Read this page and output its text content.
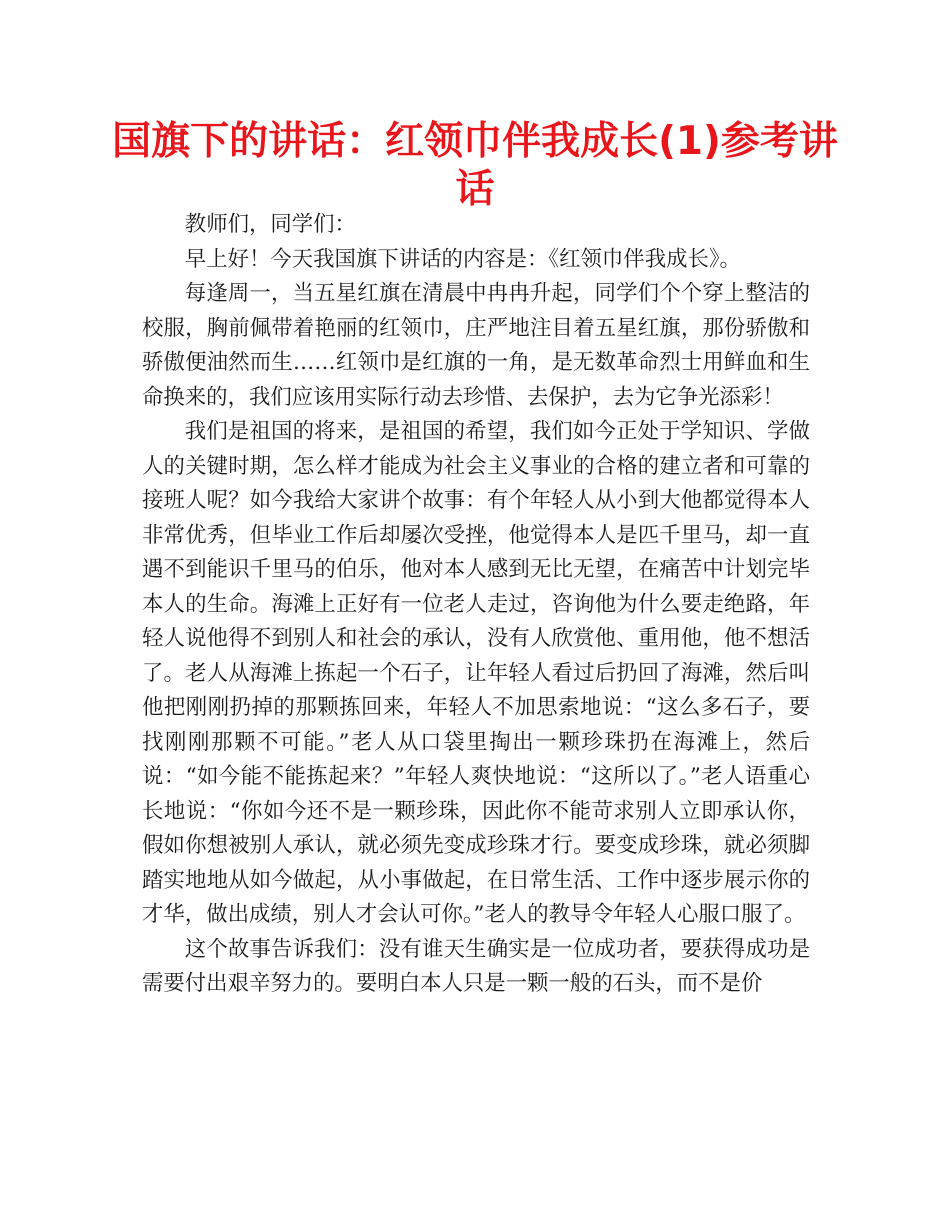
国旗下的讲话：红领巾伴我成长(1)参考讲话

教师们，同学们：

早上好！今天我国旗下讲话的内容是：《红领巾伴我成长》。

每逢周一，当五星红旗在清晨中冉冉升起，同学们个个穿上整洁的校服，胸前佩带着艳丽的红领巾，庄严地注目着五星红旗，那份骄傲和骄傲便油然而生……红领巾是红旗的一角，是无数革命烈士用鲜血和生命换来的，我们应该用实际行动去珍惜、去保护，去为它争光添彩！

我们是祖国的将来，是祖国的希望，我们如今正处于学知识、学做人的关键时期，怎么样才能成为社会主义事业的合格的建立者和可靠的接班人呢？如今我给大家讲个故事：有个年轻人从小到大他都觉得本人非常优秀，但毕业工作后却屡次受挫，他觉得本人是匹千里马，却一直遇不到能识千里马的伯乐，他对本人感到无比无望，在痛苦中计划完毕本人的生命。海滩上正好有一位老人走过，咨询他为什么要走绝路，年轻人说他得不到别人和社会的承认，没有人欣赏他、重用他，他不想活了。老人从海滩上拣起一个石子，让年轻人看过后扔回了海滩，然后叫他把刚刚扔掉的那颗拣回来，年轻人不加思索地说：“这么多石子，要找刚刚那颗不可能。”老人从口袋里掏出一颗珍珠扔在海滩上，然后说：“如今能不能拣起来？”年轻人爽快地说：“这所以了。”老人语重心长地说：“你如今还不是一颗珍珠，因此你不能苛求别人立即承认你，假如你想被别人承认，就必须先变成珍珠才行。要变成珍珠，就必须脚踏实地地从如今做起，从小事做起，在日常生活、工作中逐步展示你的才华，做出成绩，别人才会认可你。”老人的教导令年轻人心服口服了。

这个故事告诉我们：没有谁天生确实是一位成功者，要获得成功是需要付出艰辛努力的。要明白本人只是一颗一般的石头，而不是价
